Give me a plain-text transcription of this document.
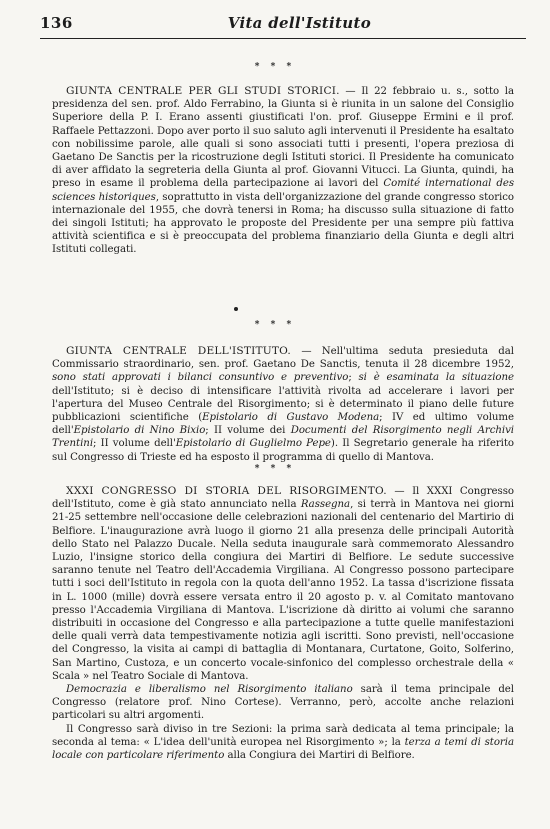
136	Vita dell'Istituto
* * *

GIUNTA CENTRALE PER GLI STUDI STORICI. — Il 22 febbraio u. s., sotto la presidenza del sen. prof. Aldo Ferrabino, la Giunta si è riunita in un salone del Consiglio Superiore della P. I. Erano assenti giustificati l'on. prof. Giuseppe Ermini e il prof. Raffaele Pettazzoni. Dopo aver porto il suo saluto agli intervenuti il Presidente ha esaltato con nobilissime parole, alle quali si sono associati tutti i presenti, l'opera preziosa di Gaetano De Sanctis per la ricostruzione degli Istituti storici. Il Presidente ha comunicato di aver affidato la segreteria della Giunta al prof. Giovanni Vitucci. La Giunta, quindi, ha preso in esame il problema della partecipazione ai lavori del Comité international des sciences historiques, soprattutto in vista dell'organizzazione del grande congresso storico internazionale del 1955, che dovrà tenersi in Roma; ha discusso sulla situazione di fatto dei singoli Istituti; ha approvato le proposte del Presidente per una sempre più fattiva attività scientifica e si è preoccupata del problema finanziario della Giunta e degli altri Istituti collegati.

* * *

GIUNTA CENTRALE DELL'ISTITUTO. — Nell'ultima seduta presieduta dal Commissario straordinario, sen. prof. Gaetano De Sanctis, tenuta il 28 dicembre 1952, sono stati approvati i bilanci consuntivo e preventivo; si è esaminata la situazione dell'Istituto; si è deciso di intensificare l'attività rivolta ad accelerare i lavori per l'apertura del Museo Centrale del Risorgimento; si è determinato il piano delle future pubblicazioni scientifiche (Epistolario di Gustavo Modena; IV ed ultimo volume dell'Epistolario di Nino Bixio; II volume dei Documenti del Risorgimento negli Archivi Trentini; II volume dell'Epistolario di Guglielmo Pepe). Il Segretario generale ha riferito sul Congresso di Trieste ed ha esposto il programma di quello di Mantova.

* * *

XXXI CONGRESSO DI STORIA DEL RISORGIMENTO. — Il XXXI Congresso dell'Istituto, come è già stato annunciato nella Rassegna, si terrà in Mantova nei giorni 21-25 settembre nell'occasione delle celebrazioni nazionali del centenario del Martirio di Belfiore. L'inaugurazione avrà luogo il giorno 21 alla presenza delle principali Autorità dello Stato nel Palazzo Ducale. Nella seduta inaugurale sarà commemorato Alessandro Luzio, l'insigne storico della congiura dei Martiri di Belfiore. Le sedute successive saranno tenute nel Teatro dell'Accademia Virgiliana. Al Congresso possono partecipare tutti i soci dell'Istituto in regola con la quota dell'anno 1952. La tassa d'iscrizione fissata in L. 1000 (mille) dovrà essere versata entro il 20 agosto p. v. al Comitato mantovano presso l'Accademia Virgiliana di Mantova. L'iscrizione dà diritto ai volumi che saranno distribuiti in occasione del Congresso e alla partecipazione a tutte quelle manifestazioni delle quali verrà data tempestivamente notizia agli iscritti. Sono previsti, nell'occasione del Congresso, la visita ai campi di battaglia di Montanara, Curtatone, Goito, Solferino, San Martino, Custoza, e un concerto vocale-sinfonico del complesso orchestrale della « Scala » nel Teatro Sociale di Mantova.

Democrazia e liberalismo nel Risorgimento italiano sarà il tema principale del Congresso (relatore prof. Nino Cortese). Verranno, però, accolte anche relazioni particolari su altri argomenti.

Il Congresso sarà diviso in tre Sezioni: la prima sarà dedicata al tema principale; la seconda al tema: « L'idea dell'unità europea nel Risorgimento »; la terza a temi di storia locale con particolare riferimento alla Congiura dei Martiri di Belfiore.
